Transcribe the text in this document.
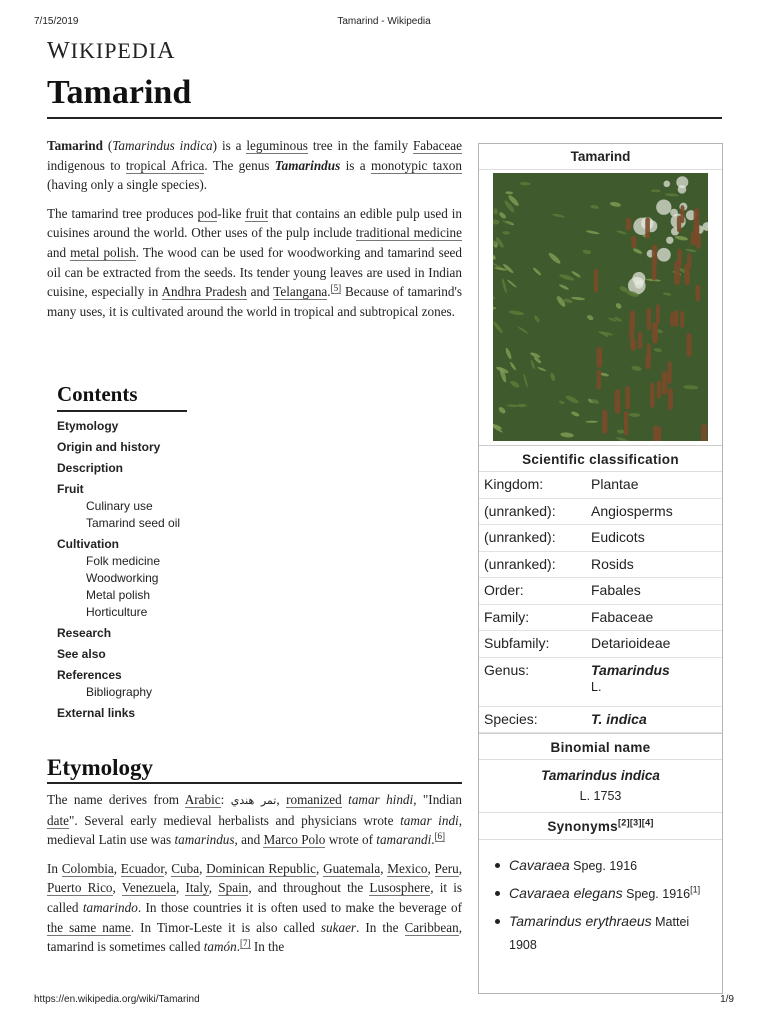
7/15/2019	Tamarind - Wikipedia
https://en.wikipedia.org/wiki/Tamarind	1/9
WIKIPEDIA
Tamarind

Tamarind (Tamarindus indica) is a leguminous tree in the family Fabaceae indigenous to tropical Africa. The genus Tamarindus is a monotypic taxon (having only a single species).

The tamarind tree produces pod-like fruit that contains an edible pulp used in cuisines around the world. Other uses of the pulp include traditional medicine and metal polish. The wood can be used for woodworking and tamarind seed oil can be extracted from the seeds. Its tender young leaves are used in Indian cuisine, especially in Andhra Pradesh and Telangana.[5] Because of tamarind's many uses, it is cultivated around the world in tropical and subtropical zones.

Contents
Etymology
Origin and history
Description
Fruit
Culinary use
Tamarind seed oil
Cultivation
Folk medicine
Woodworking
Metal polish
Horticulture
Research
See also
References
Bibliography
External links
Etymology

The name derives from Arabic: تمر هندي, romanized tamar hindi, "Indian date". Several early medieval herbalists and physicians wrote tamar indi, medieval Latin use was tamarindus, and Marco Polo wrote of tamarandi.[6]

In Colombia, Ecuador, Cuba, Dominican Republic, Guatemala, Mexico, Peru, Puerto Rico, Venezuela, Italy, Spain, and throughout the Lusosphere, it is called tamarindo. In those countries it is often used to make the beverage of the same name. In Timor-Leste it is also called sukaer. In the Caribbean, tamarind is sometimes called tamón.[7] In the

Tamarind
Scientific classification
Kingdom:	Plantae
(unranked):	Angiosperms
(unranked):	Eudicots
(unranked):	Rosids
Order:	Fabales
Family:	Fabaceae
Subfamily:	Detarioideae
Genus:	Tamarindus
L.
Species:	T. indica
Binomial name
Tamarindus indica
L. 1753
Synonyms[2][3][4]
Cavaraea Speg. 1916
Cavaraea elegans Speg. 1916[1]
Tamarindus erythraeus Mattei 1908
